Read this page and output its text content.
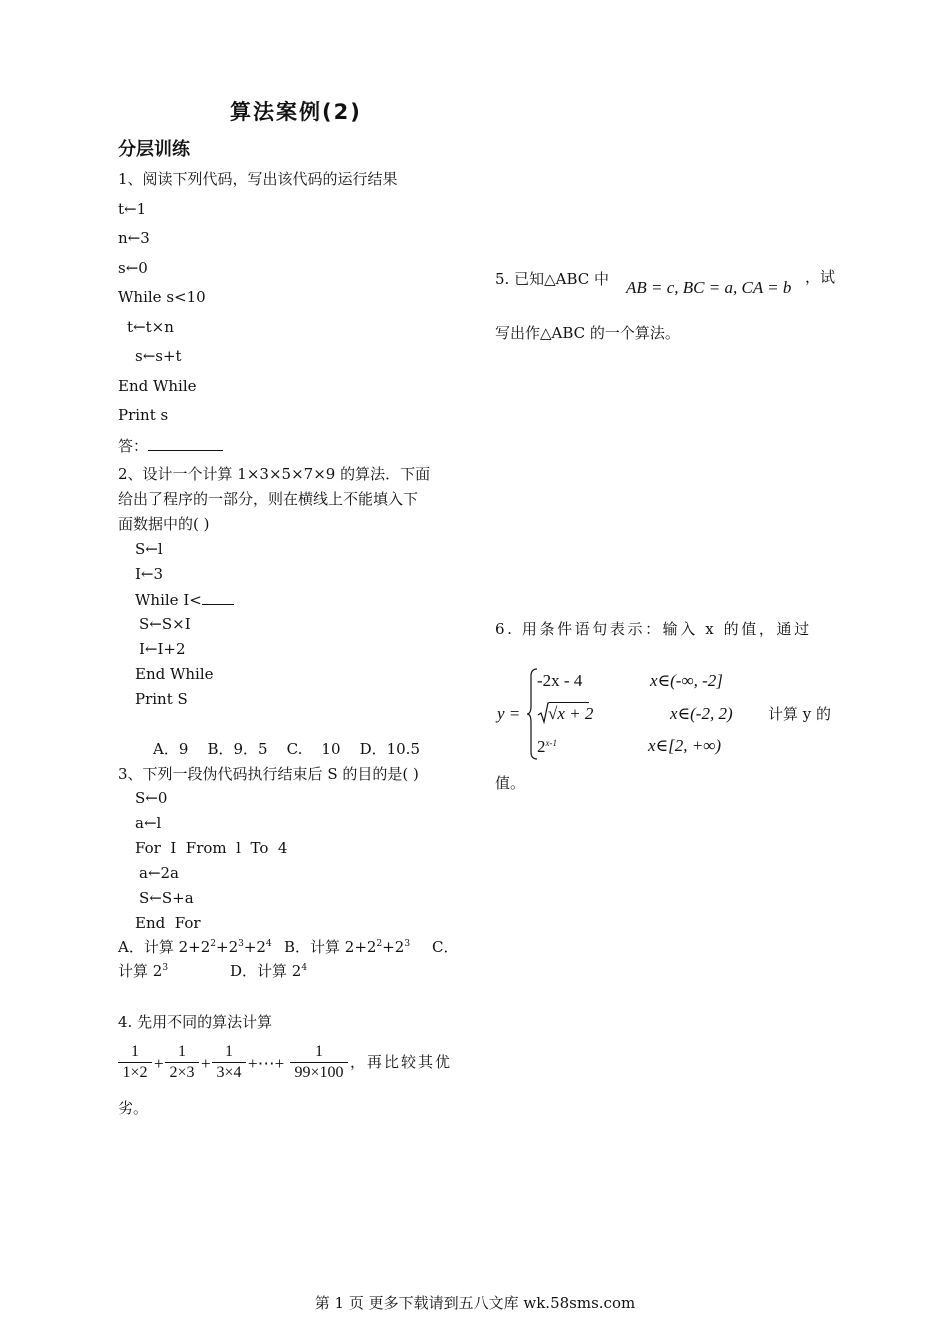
算法案例(2)
分层训练
1、阅读下列代码，写出该代码的运行结果
t←1
n←3
s←0
While s<10
t←t×n
s←s+t
End While
Print s
答：
2、设计一个计算 1×3×5×7×9 的算法．下面
给出了程序的一部分，则在横线上不能填入下
面数据中的( )
S←l
I←3
While I<
S←S×I
I←I+2
End While
Print S
A．9    B．9．5    C.    10    D．10.5
3、下列一段伪代码执行结束后 S 的目的是( )
S←0
a←l
For  I  From  l  To  4
a←2a
S←S+a
End  For
A．计算 $2+2^2+2^3+2^4$ B．计算 $2+2^2+2^3$ C．
计算 $2^3$	D．计算 $2^4$
4. 先用不同的算法计算
$\frac{1}{1\times 2} + \frac{1}{2\times 3} + \frac{1}{3\times 4}$ +⋯+ $\frac{1}{99\times 100}$ ，再比较其优
劣。
5. 已知△ABC 中 AB = c, BC = a, CA = b
，试
写出作△ABC 的一个算法。
6. 用条件语句表示：输入 x 的值，通过
y =
-2x - 4	x∈(-∞, -2]
√x + 2	x∈(-2, 2) 计算 y 的
2$^{x-1}$	x∈[2, +∞)
值。
第 1 页 更多下载请到五八文库 wk.58sms.com
